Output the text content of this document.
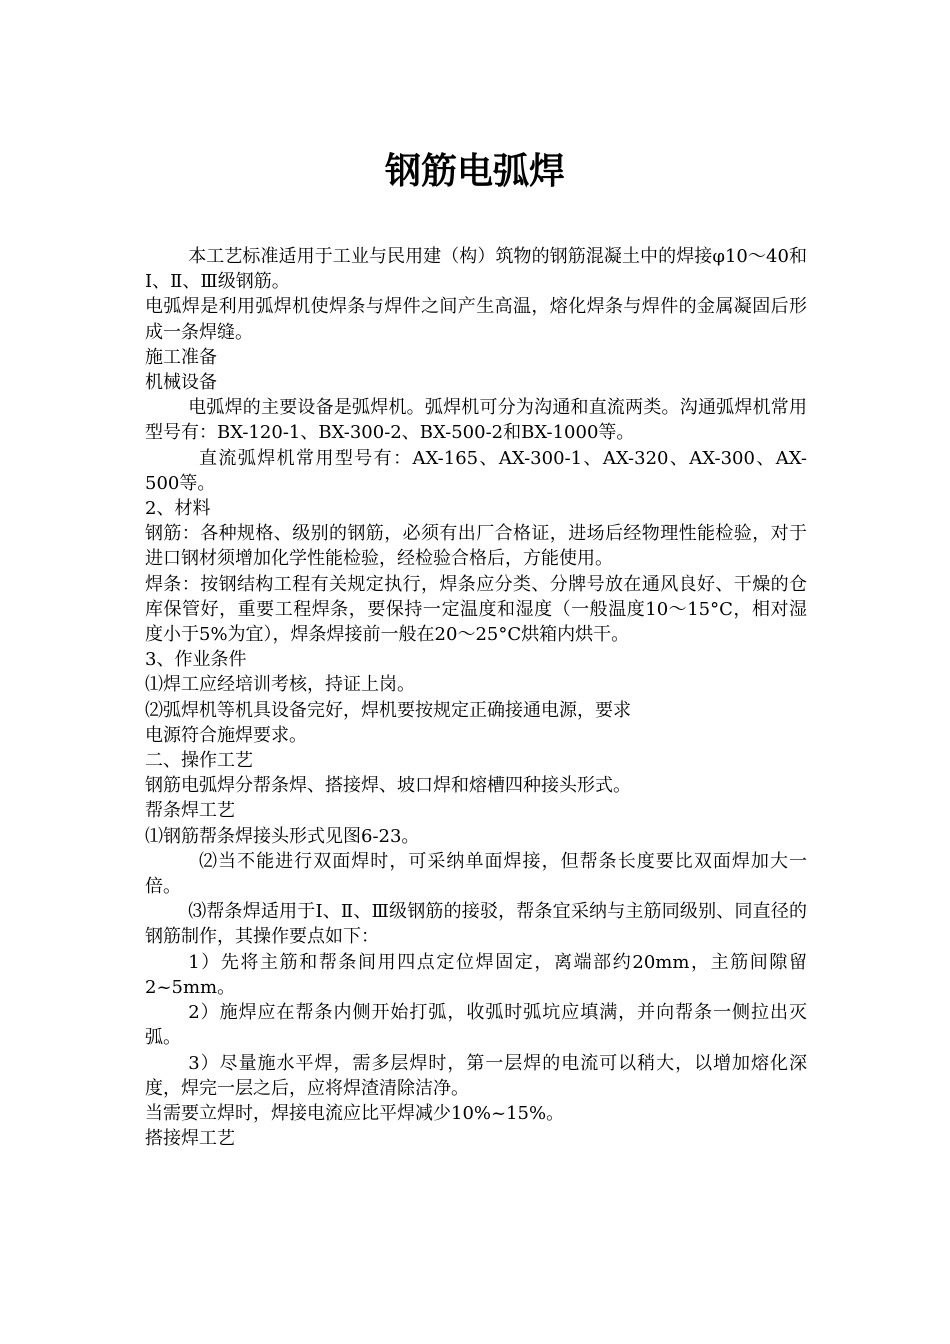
钢筋电弧焊

本工艺标准适用于工业与民用建（构）筑物的钢筋混凝土中的焊接φ10～40和Ⅰ、Ⅱ、Ⅲ级钢筋。

电弧焊是利用弧焊机使焊条与焊件之间产生高温，熔化焊条与焊件的金属凝固后形成一条焊缝。

施工准备

机械设备

电弧焊的主要设备是弧焊机。弧焊机可分为沟通和直流两类。沟通弧焊机常用型号有：BX-120-1、BX-300-2、BX-500-2和BX-1000等。

直流弧焊机常用型号有：AX-165、AX-300-1、AX-320、AX-300、AX-500等。

2、材料

钢筋：各种规格、级别的钢筋，必须有出厂合格证，进场后经物理性能检验，对于进口钢材须增加化学性能检验，经检验合格后，方能使用。

焊条：按钢结构工程有关规定执行，焊条应分类、分牌号放在通风良好、干燥的仓库保管好，重要工程焊条，要保持一定温度和湿度（一般温度10～15°C，相对湿度小于5%为宜），焊条焊接前一般在20～25°C烘箱内烘干。

3、作业条件

⑴焊工应经培训考核，持证上岗。

⑵弧焊机等机具设备完好，焊机要按规定正确接通电源，要求

电源符合施焊要求。

二、操作工艺

钢筋电弧焊分帮条焊、搭接焊、坡口焊和熔槽四种接头形式。

帮条焊工艺

⑴钢筋帮条焊接头形式见图6-23。

⑵当不能进行双面焊时，可采纳单面焊接，但帮条长度要比双面焊加大一倍。

⑶帮条焊适用于Ⅰ、Ⅱ、Ⅲ级钢筋的接驳，帮条宜采纳与主筋同级别、同直径的钢筋制作，其操作要点如下：

1）先将主筋和帮条间用四点定位焊固定，离端部约20mm，主筋间隙留2~5mm。

2）施焊应在帮条内侧开始打弧，收弧时弧坑应填满，并向帮条一侧拉出灭弧。

3）尽量施水平焊，需多层焊时，第一层焊的电流可以稍大，以增加熔化深度，焊完一层之后，应将焊渣清除洁净。

当需要立焊时，焊接电流应比平焊减少10%~15%。

搭接焊工艺
